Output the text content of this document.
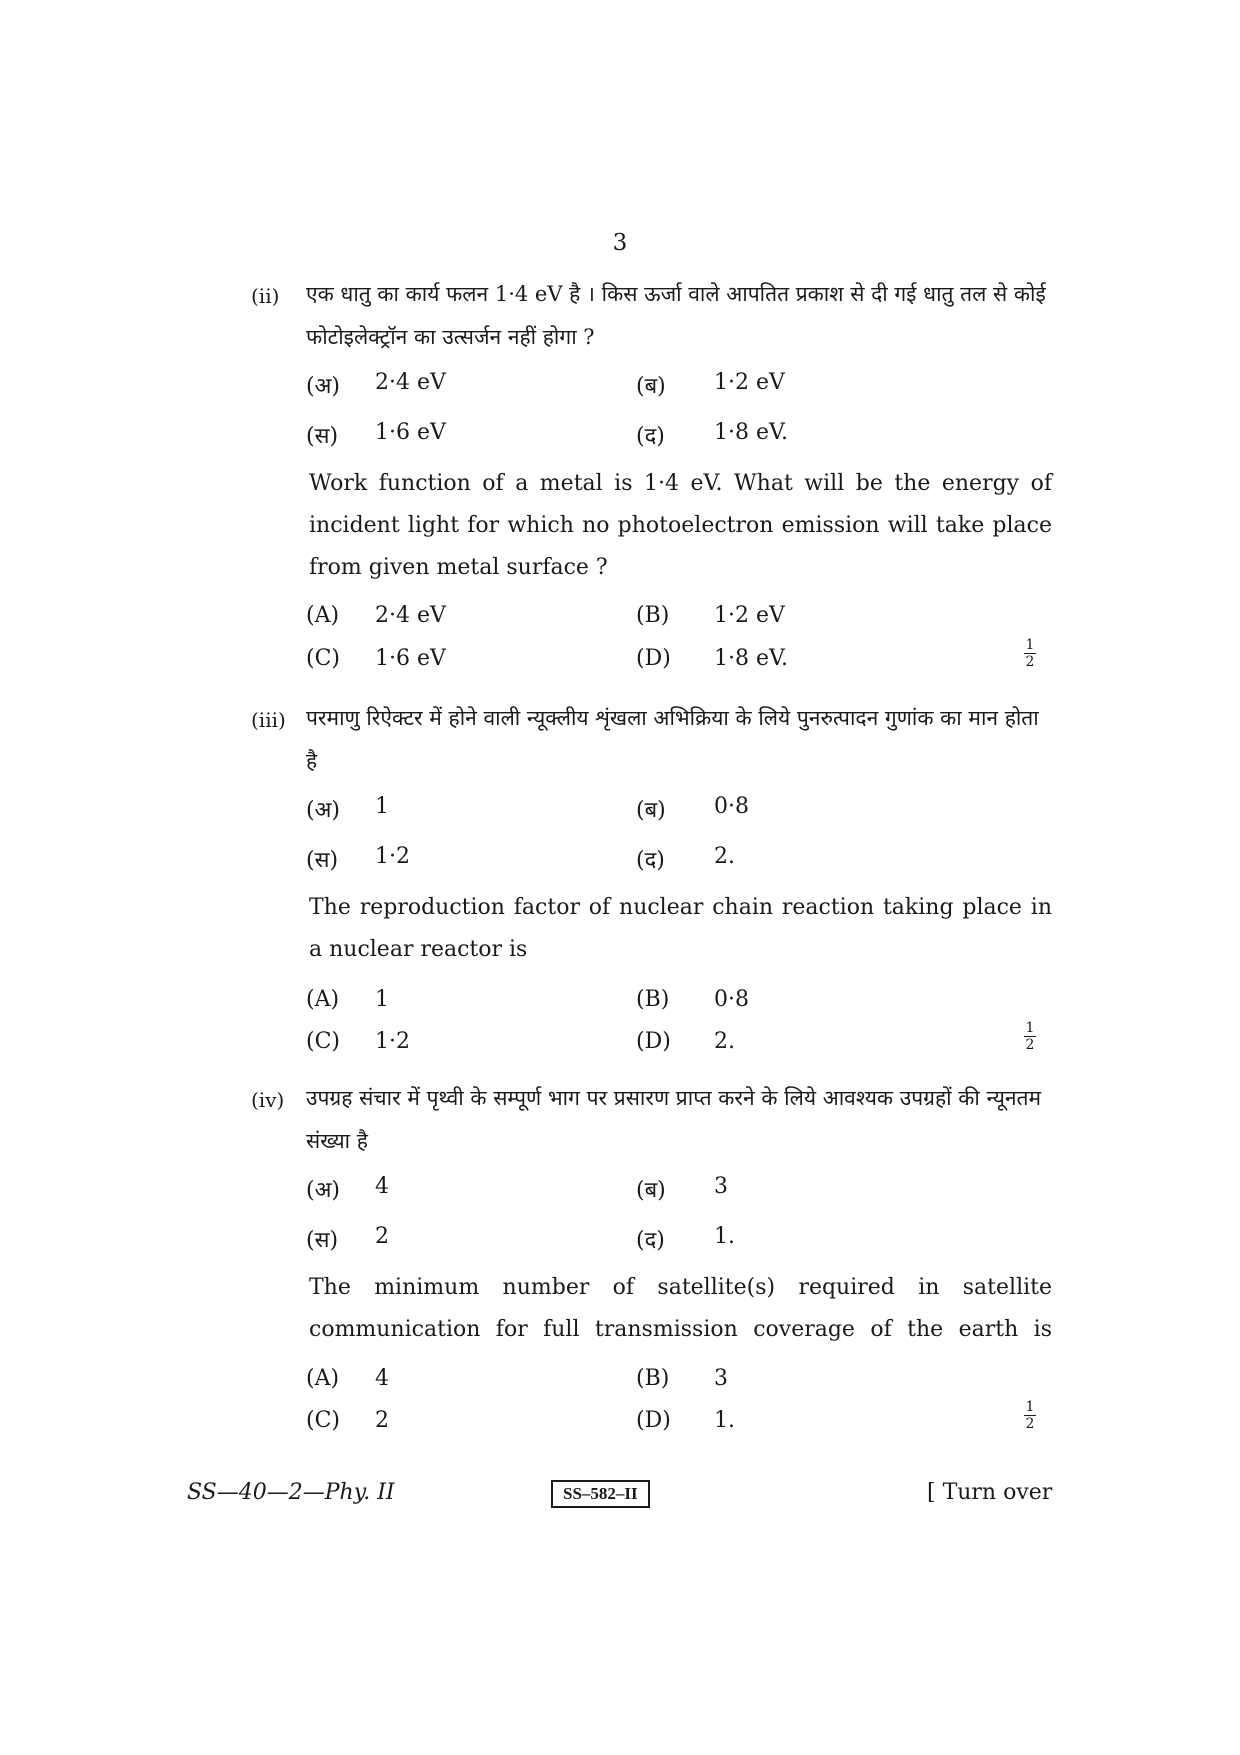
3
(ii) एक धातु का कार्य फलन 1·4 eV है । किस ऊर्जा वाले आपतित प्रकाश से दी गई धातु तल से कोई फोटोइलेक्ट्रॉन का उत्सर्जन नहीं होगा ?

(अ) 2·4 eV	(ब) 1·2 eV
(स) 1·6 eV	(द) 1·8 eV.

Work function of a metal is 1·4 eV. What will be the energy of incident light for which no photoelectron emission will take place from given metal surface ?

(A) 2·4 eV	(B) 1·2 eV
(C) 1·6 eV	(D) 1·8 eV.
1
2
(iii) परमाणु रिऐक्टर में होने वाली न्यूक्लीय शृंखला अभिक्रिया के लिये पुनरुत्पादन गुणांक का मान होता है

(अ) 1	(ब) 0·8
(स) 1·2	(द) 2.

The reproduction factor of nuclear chain reaction taking place in a nuclear reactor is

(A) 1	(B) 0·8
(C) 1·2	(D) 2.
1
2
(iv) उपग्रह संचार में पृथ्वी के सम्पूर्ण भाग पर प्रसारण प्राप्त करने के लिये आवश्यक उपग्रहों की न्यूनतम संख्या है

(अ) 4	(ब) 3
(स) 2	(द) 1.

The minimum number of satellite(s) required in satellite communication for full transmission coverage of the earth is

(A) 4	(B) 3
(C) 2	(D) 1.
1
2
SS—40—2—Phy. II	SS–582–II	[ Turn over
